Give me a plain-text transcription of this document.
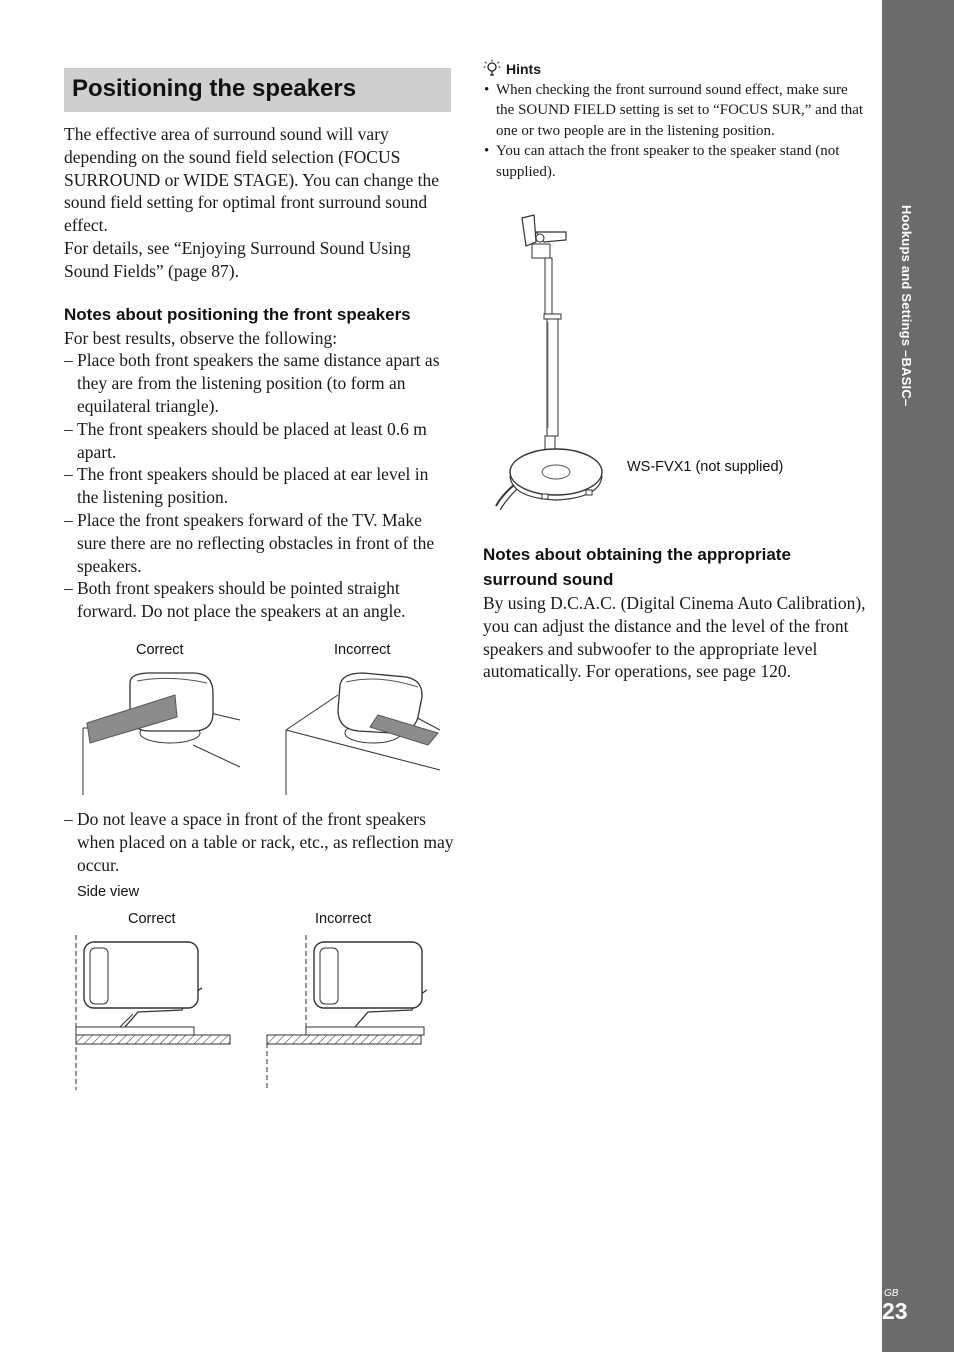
Hookups and Settings –BASIC–
GB
23
Positioning the speakers

The effective area of surround sound will vary depending on the sound field selection (FOCUS SURROUND or WIDE STAGE). You can change the sound field setting for optimal front surround sound effect.

For details, see “Enjoying Surround Sound Using Sound Fields” (page 87).

Notes about positioning the front speakers

For best results, observe the following:

– Place both front speakers the same distance apart as they are from the listening position (to form an equilateral triangle).
– The front speakers should be placed at least 0.6 m apart.
– The front speakers should be placed at ear level in the listening position.
– Place the front speakers forward of the TV. Make sure there are no reflecting obstacles in front of the speakers.
– Both front speakers should be pointed straight forward. Do not place the speakers at an angle.
Correct	Incorrect
– Do not leave a space in front of the front speakers when placed on a table or rack, etc., as reflection may occur.
Side view
Correct	Incorrect
Hints
• When checking the front surround sound effect, make sure the SOUND FIELD setting is set to “FOCUS SUR,” and that one or two people are in the listening position.
• You can attach the front speaker to the speaker stand (not supplied).
WS-FVX1 (not supplied)
Notes about obtaining the appropriate surround sound

By using D.C.A.C. (Digital Cinema Auto Calibration), you can adjust the distance and the level of the front speakers and subwoofer to the appropriate level automatically. For operations, see page 120.
